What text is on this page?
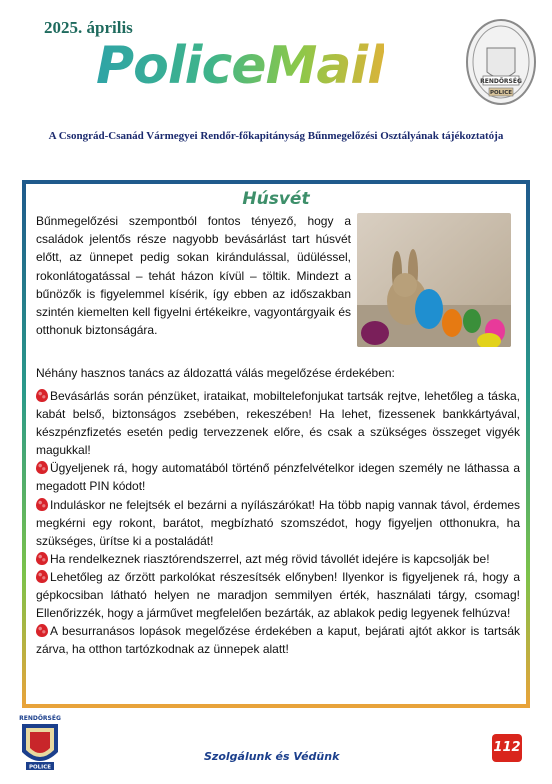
2025. április
PoliceMail	RENDŐRSÉG
POLICE
A Csongrád-Csanád Vármegyei Rendőr-főkapitányság Bűnmegelőzési Osztályának tájékoztatója
Húsvét
Bűnmegelőzési szempontból fontos tényező, hogy a családok jelentős része nagyobb bevásárlást tart húsvét előtt, az ünnepet pedig sokan kirándulással, üdüléssel, rokonlátogatással – tehát házon kívül – töltik. Mindezt a bűnözők is figyelemmel kísérik, így ebben az időszakban szintén kiemelten kell figyelni értékeikre, vagyontárgyaik és otthonuk biztonságára.
Néhány hasznos tanács az áldozattá válás megelőzése érdekében:

Bevásárlás során pénzüket, irataikat, mobiltelefonjukat tartsák rejtve, lehetőleg a táska, kabát belső, biztonságos zsebében, rekeszében! Ha lehet, fizessenek bankkártyával, készpénzfizetés esetén pedig tervezzenek előre, és csak a szükséges összeget vigyék magukkal!

Ügyeljenek rá, hogy automatából történő pénzfelvételkor idegen személy ne láthassa a megadott PIN kódot!

Induláskor ne felejtsék el bezárni a nyílászárókat! Ha több napig vannak távol, érdemes megkérni egy rokont, barátot, megbízható szomszédot, hogy figyeljen otthonukra, ha szükséges, ürítse ki a postaládát!

Ha rendelkeznek riasztórendszerrel, azt még rövid távollét idejére is kapcsolják be!

Lehetőleg az őrzött parkolókat részesítsék előnyben! Ilyenkor is figyeljenek rá, hogy a gépkocsiban látható helyen ne maradjon semmilyen érték, használati tárgy, csomag! Ellenőrizzék, hogy a járművet megfelelően bezárták, az ablakok pedig legyenek felhúzva!

A besurranásos lopások megelőzése érdekében a kaput, bejárati ajtót akkor is tartsák zárva, ha otthon tartózkodnak az ünnepek alatt!

RENDŐRSÉG
POLICE
Szolgálunk és Védünk
112
